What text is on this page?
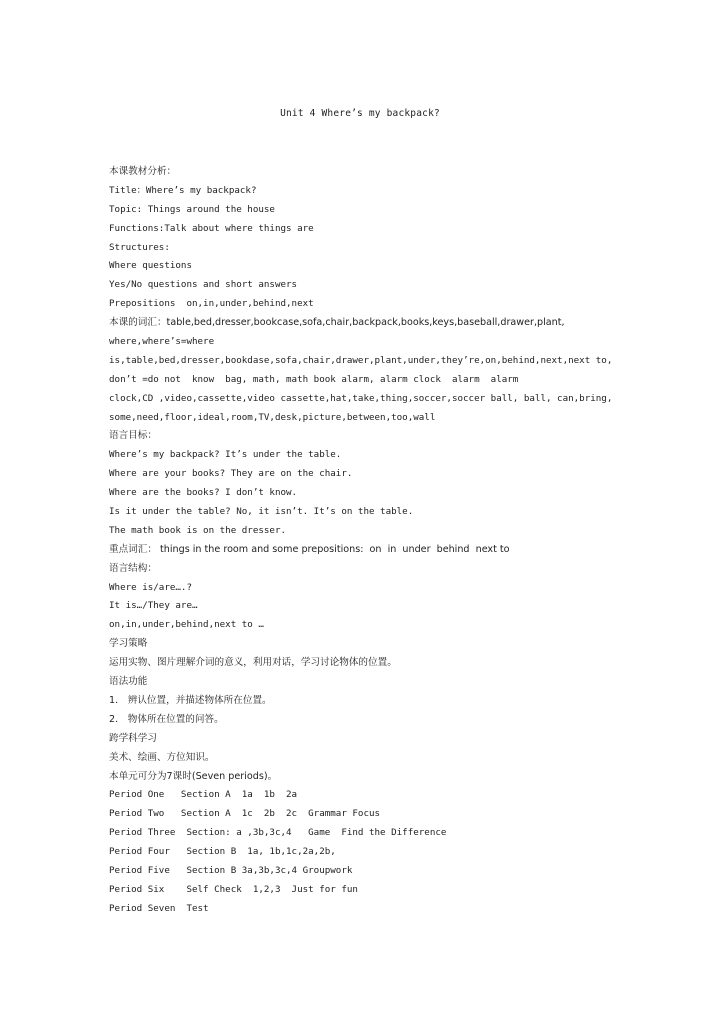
Unit 4 Where’s my backpack?
本课教材分析：
Title：Where’s my backpack?
Topic: Things around the house
Functions:Talk about where things are
Structures:
Where questions
Yes/No questions and short answers
Prepositions  on,in,under,behind,next
本课的词汇：table,bed,dresser,bookcase,sofa,chair,backpack,books,keys,baseball,drawer,plant,
where,where’s=where
is,table,bed,dresser,bookdase,sofa,chair,drawer,plant,under,they’re,on,behind,next,next to,
don’t =do not  know  bag, math, math book alarm, alarm clock  alarm  alarm
clock,CD ,video,cassette,video cassette,hat,take,thing,soccer,soccer ball, ball, can,bring,
some,need,floor,ideal,room,TV,desk,picture,between,too,wall
语言目标：
Where’s my backpack? It’s under the table.
Where are your books? They are on the chair.
Where are the books? I don’t know.
Is it under the table? No, it isn’t. It’s on the table.
The math book is on the dresser.
重点词汇： things in the room and some prepositions:  on  in  under  behind  next to
语言结构：
Where is/are….?
It is…/They are…
on,in,under,behind,next to …
学习策略
运用实物、图片理解介词的意义，利用对话，学习讨论物体的位置。
语法功能
1． 辨认位置，并描述物体所在位置。
2． 物体所在位置的问答。
跨学科学习
美术、绘画、方位知识。
本单元可分为7课时(Seven periods)。
Period One   Section A  1a  1b  2a
Period Two   Section A  1c  2b  2c  Grammar Focus
Period Three  Section: a ,3b,3c,4   Game  Find the Difference
Period Four   Section B  1a, 1b,1c,2a,2b,
Period Five   Section B 3a,3b,3c,4 Groupwork
Period Six    Self Check  1,2,3  Just for fun
Period Seven  Test
